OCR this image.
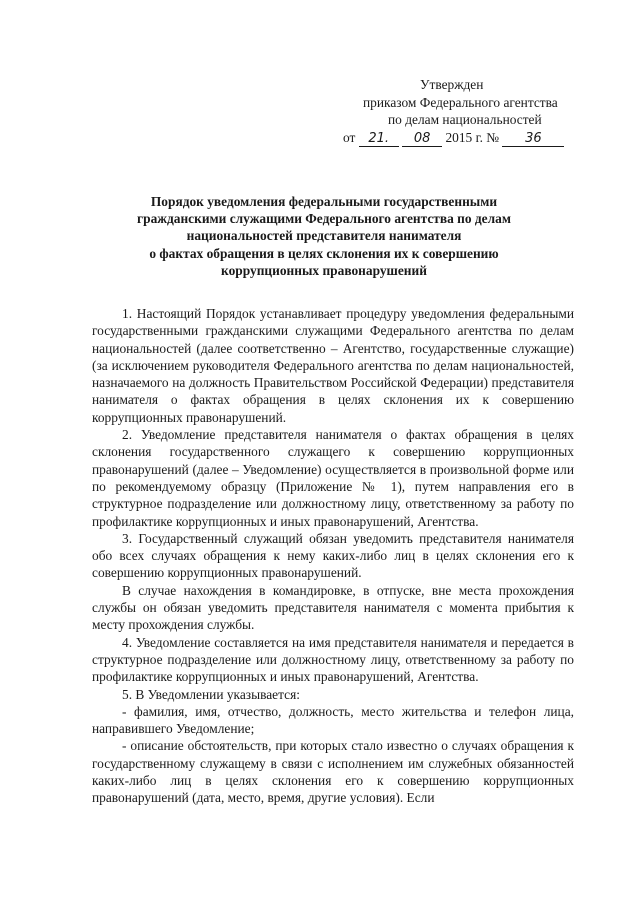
Утвержден
приказом Федерального агентства
по делам национальностей
от 21. 08 2015 г. № 36
Порядок уведомления федеральными государственными
гражданскими служащими Федерального агентства по делам
национальностей представителя нанимателя
о фактах обращения в целях склонения их к совершению
коррупционных правонарушений

1. Настоящий Порядок устанавливает процедуру уведомления федеральными государственными гражданскими служащими Федерального агентства по делам национальностей (далее соответственно – Агентство, государственные служащие) (за исключением руководителя Федерального агентства по делам национальностей, назначаемого на должность Правительством Российской Федерации) представителя нанимателя о фактах обращения в целях склонения их к совершению коррупционных правонарушений.

2. Уведомление представителя нанимателя о фактах обращения в целях склонения государственного служащего к совершению коррупционных правонарушений (далее – Уведомление) осуществляется в произвольной форме или по рекомендуемому образцу (Приложение № 1), путем направления его в структурное подразделение или должностному лицу, ответственному за работу по профилактике коррупционных и иных правонарушений, Агентства.

3. Государственный служащий обязан уведомить представителя нанимателя обо всех случаях обращения к нему каких-либо лиц в целях склонения его к совершению коррупционных правонарушений.

В случае нахождения в командировке, в отпуске, вне места прохождения службы он обязан уведомить представителя нанимателя с момента прибытия к месту прохождения службы.

4. Уведомление составляется на имя представителя нанимателя и передается в структурное подразделение или должностному лицу, ответственному за работу по профилактике коррупционных и иных правонарушений, Агентства.

5. В Уведомлении указывается:

- фамилия, имя, отчество, должность, место жительства и телефон лица, направившего Уведомление;

- описание обстоятельств, при которых стало известно о случаях обращения к государственному служащему в связи с исполнением им служебных обязанностей каких-либо лиц в целях склонения его к совершению коррупционных правонарушений (дата, место, время, другие условия). Если
